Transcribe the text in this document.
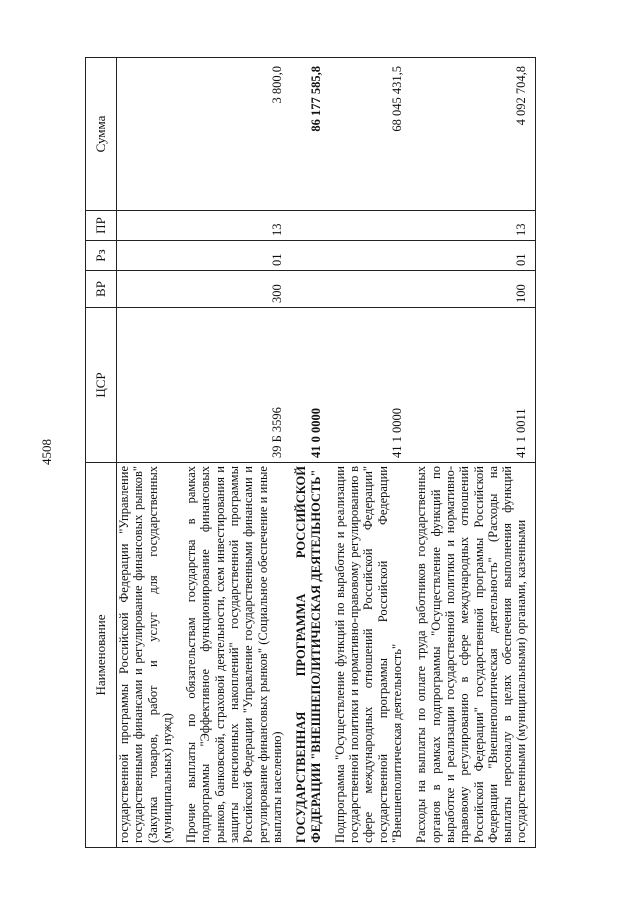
4508
Наименование	ЦСР	ВР	Рз	ПР	Сумма
государственной программы Российской Федерации "Управление государственными финансами и регулирование финансовых рынков" (Закупка товаров, работ и услуг для государственных (муниципальных) нужд)					
Прочие выплаты по обязательствам государства в рамках подпрограммы "Эффективное функционирование финансовых рынков, банковской, страховой деятельности, схем инвестирования и защиты пенсионных накоплений" государственной программы Российской Федерации "Управление государственными финансами и регулирование финансовых рынков" (Социальное обеспечение и иные выплаты населению)	39 Б 3596	300	01	13	3 800,0
ГОСУДАРСТВЕННАЯ ПРОГРАММА РОССИЙСКОЙ ФЕДЕРАЦИИ "ВНЕШНЕПОЛИТИЧЕСКАЯ ДЕЯТЕЛЬНОСТЬ"	41 0 0000				86 177 585,8
Подпрограмма "Осуществление функций по выработке и реализации государственной политики и нормативно-правовому регулированию в сфере международных отношений Российской Федерации" государственной программы Российской Федерации "Внешнеполитическая деятельность"	41 1 0000				68 045 431,5
Расходы на выплаты по оплате труда работников государственных органов в рамках подпрограммы "Осуществление функций по выработке и реализации государственной политики и нормативно-правовому регулированию в сфере международных отношений Российской Федерации" государственной программы Российской Федерации "Внешнеполитическая деятельность" (Расходы на выплаты персоналу в целях обеспечения выполнения функций государственными (муниципальными) органами, казенными	41 1 0011	100	01	13	4 092 704,8
